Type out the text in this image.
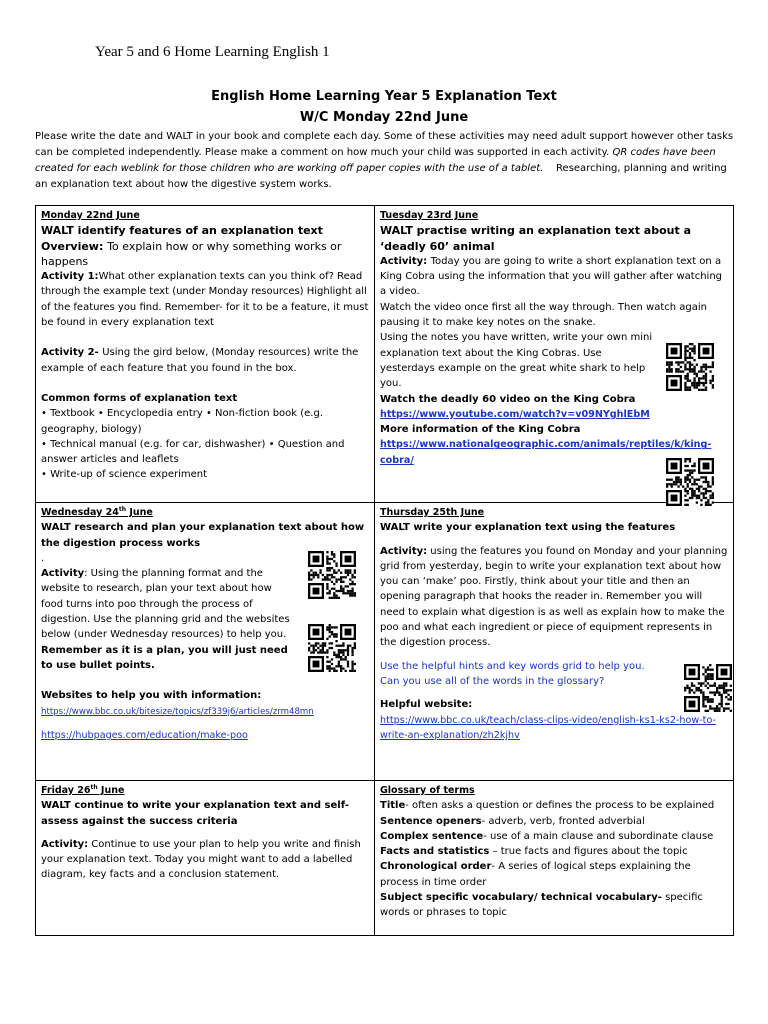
Year 5 and 6 Home Learning English 1
English Home Learning Year 5 Explanation Text
W/C Monday 22nd June
Please write the date and WALT in your book and complete each day. Some of these activities may need adult support however other tasks can be completed independently. Please make a comment on how much your child was supported in each activity. QR codes have been created for each weblink for those children who are working off paper copies with the use of a tablet. Researching, planning and writing an explanation text about how the digestive system works.
Monday 22nd June
WALT identify features of an explanation text
Overview: To explain how or why something works or happens
Activity 1:What other explanation texts can you think of? Read through the example text (under Monday resources) Highlight all of the features you find. Remember- for it to be a feature, it must be found in every explanation text
Activity 2- Using the gird below, (Monday resources) write the example of each feature that you found in the box.
Common forms of explanation text
• Textbook • Encyclopedia entry • Non-fiction book (e.g. geography, biology)
• Technical manual (e.g. for car, dishwasher) • Question and answer articles and leaflets
• Write-up of science experiment
Tuesday 23rd June
WALT practise writing an explanation text about a ‘deadly 60’ animal
Activity: Today you are going to write a short explanation text on a King Cobra using the information that you will gather after watching a video.
Watch the video once first all the way through. Then watch again pausing it to make key notes on the snake.
Using the notes you have written, write your own mini explanation text about the King Cobras. Use yesterdays example on the great white shark to help you.
Watch the deadly 60 video on the King Cobra
https://www.youtube.com/watch?v=v09NYghlEbM
More information of the King Cobra
https://www.nationalgeographic.com/animals/reptiles/k/king-cobra/
Wednesday 24th June
WALT research and plan your explanation text about how the digestion process works
.
Activity: Using the planning format and the website to research, plan your text about how food turns into poo through the process of digestion. Use the planning grid and the websites below (under Wednesday resources) to help you.
Remember as it is a plan, you will just need to use bullet points.
Websites to help you with information:
https://www.bbc.co.uk/bitesize/topics/zf339j6/articles/zrm48mn
https://hubpages.com/education/make-poo
Thursday 25th June
WALT write your explanation text using the features
Activity: using the features you found on Monday and your planning grid from yesterday, begin to write your explanation text about how you can ‘make’ poo. Firstly, think about your title and then an opening paragraph that hooks the reader in. Remember you will need to explain what digestion is as well as explain how to make the poo and what each ingredient or piece of equipment represents in the digestion process.
Use the helpful hints and key words grid to help you. Can you use all of the words in the glossary?
Helpful website:
https://www.bbc.co.uk/teach/class-clips-video/english-ks1-ks2-how-to-write-an-explanation/zh2kjhv
Friday 26th June
WALT continue to write your explanation text and self-assess against the success criteria
Activity: Continue to use your plan to help you write and finish your explanation text. Today you might want to add a labelled diagram, key facts and a conclusion statement.
Glossary of terms
Title- often asks a question or defines the process to be explained
Sentence openers- adverb, verb, fronted adverbial
Complex sentence- use of a main clause and subordinate clause
Facts and statistics – true facts and figures about the topic
Chronological order- A series of logical steps explaining the process in time order
Subject specific vocabulary/ technical vocabulary- specific words or phrases to topic
